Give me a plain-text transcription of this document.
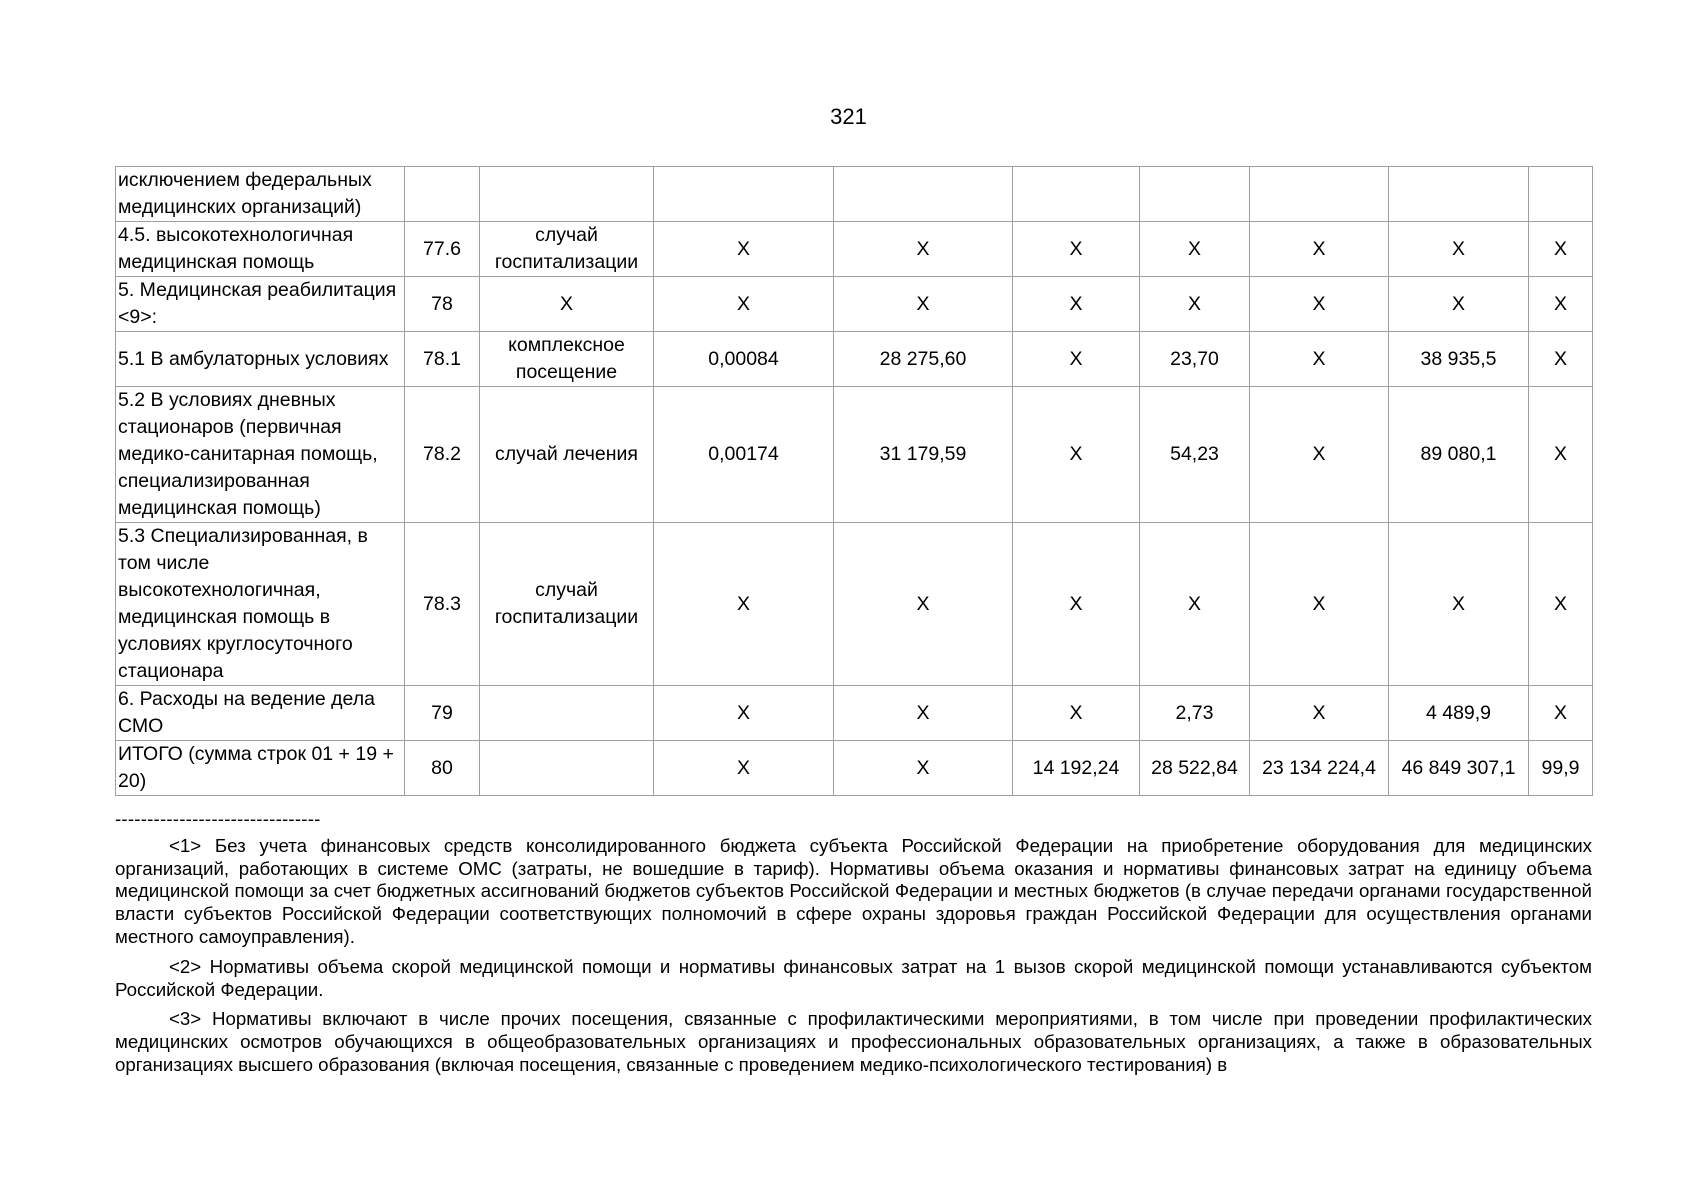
321
исключением федеральных медицинских организаций)									
4.5. высокотехнологичная медицинская помощь	77.6	случай госпитализации	X	X	X	X	X	X	X
5. Медицинская реабилитация <9>:	78	X	X	X	X	X	X	X	X
5.1 В амбулаторных условиях	78.1	комплексное посещение	0,00084	28 275,60	X	23,70	X	38 935,5	X
5.2 В условиях дневных стационаров (первичная медико-санитарная помощь, специализированная медицинская помощь)	78.2	случай лечения	0,00174	31 179,59	X	54,23	X	89 080,1	X
5.3 Специализированная, в том числе высокотехнологичная, медицинская помощь в условиях круглосуточного стационара	78.3	случай госпитализации	X	X	X	X	X	X	X
6. Расходы на ведение дела СМО	79		X	X	X	2,73	X	4 489,9	X
ИТОГО (сумма строк 01 + 19 + 20)	80		X	X	14 192,24	28 522,84	23 134 224,4	46 849 307,1	99,9
--------------------------------

<1> Без учета финансовых средств консолидированного бюджета субъекта Российской Федерации на приобретение оборудования для медицинских организаций, работающих в системе ОМС (затраты, не вошедшие в тариф). Нормативы объема оказания и нормативы финансовых затрат на единицу объема медицинской помощи за счет бюджетных ассигнований бюджетов субъектов Российской Федерации и местных бюджетов (в случае передачи органами государственной власти субъектов Российской Федерации соответствующих полномочий в сфере охраны здоровья граждан Российской Федерации для осуществления органами местного самоуправления).

<2> Нормативы объема скорой медицинской помощи и нормативы финансовых затрат на 1 вызов скорой медицинской помощи устанавливаются субъектом Российской Федерации.

<3> Нормативы включают в числе прочих посещения, связанные с профилактическими мероприятиями, в том числе при проведении профилактических медицинских осмотров обучающихся в общеобразовательных организациях и профессиональных образовательных организациях, а также в образовательных организациях высшего образования (включая посещения, связанные с проведением медико-психологического тестирования) в
